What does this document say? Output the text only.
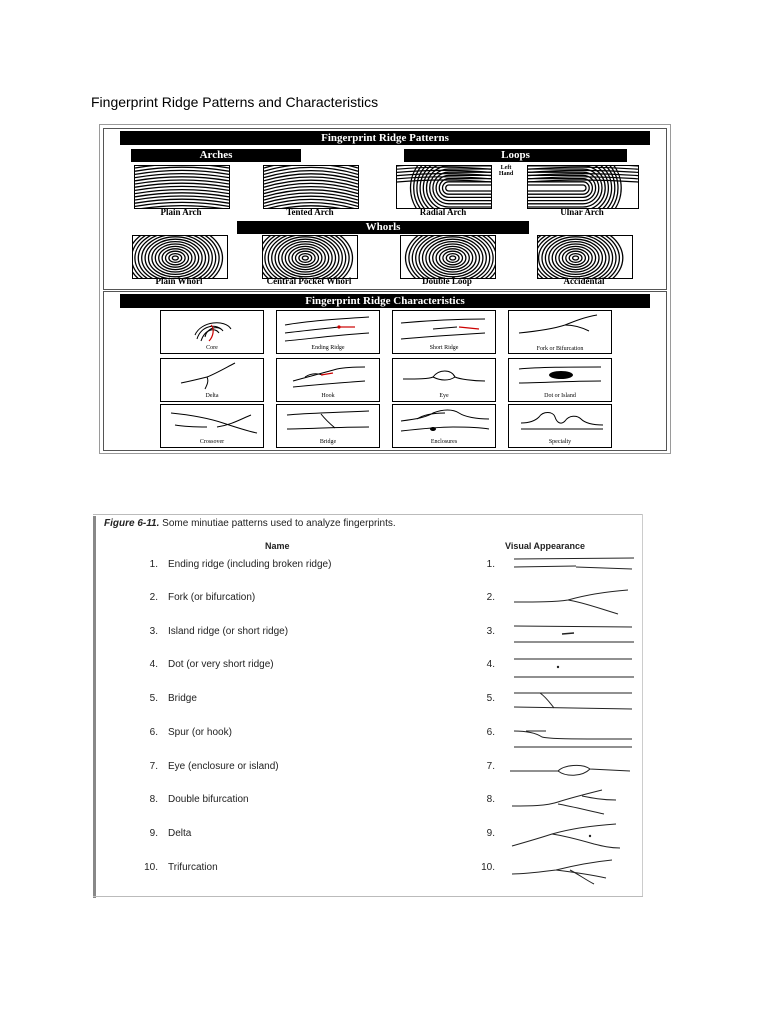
Fingerprint Ridge Patterns and Characteristics
Fingerprint Ridge Patterns
Arches	Loops
Left Hand
Plain Arch	Tented Arch	Radial Arch	Ulnar Arch
Whorls
Plain Whorl	Central Pocket Whorl	Double Loop	Accidental
Fingerprint Ridge Characteristics
Core	Ending Ridge	Short Ridge	Fork or Bifurcation
Delta	Hook	Eye	Dot or Island
Crossover	Bridge	Enclosures	Specialty
Figure 6-11. Some minutiae patterns used to analyze fingerprints.
Name	Visual Appearance
1. Ending ridge (including broken ridge)	1.
2. Fork (or bifurcation)	2.
3. Island ridge (or short ridge)	3.
4. Dot (or very short ridge)	4.
5. Bridge	5.
6. Spur (or hook)	6.
7. Eye (enclosure or island)	7.
8. Double bifurcation	8.
9. Delta	9.
10. Trifurcation	10.
